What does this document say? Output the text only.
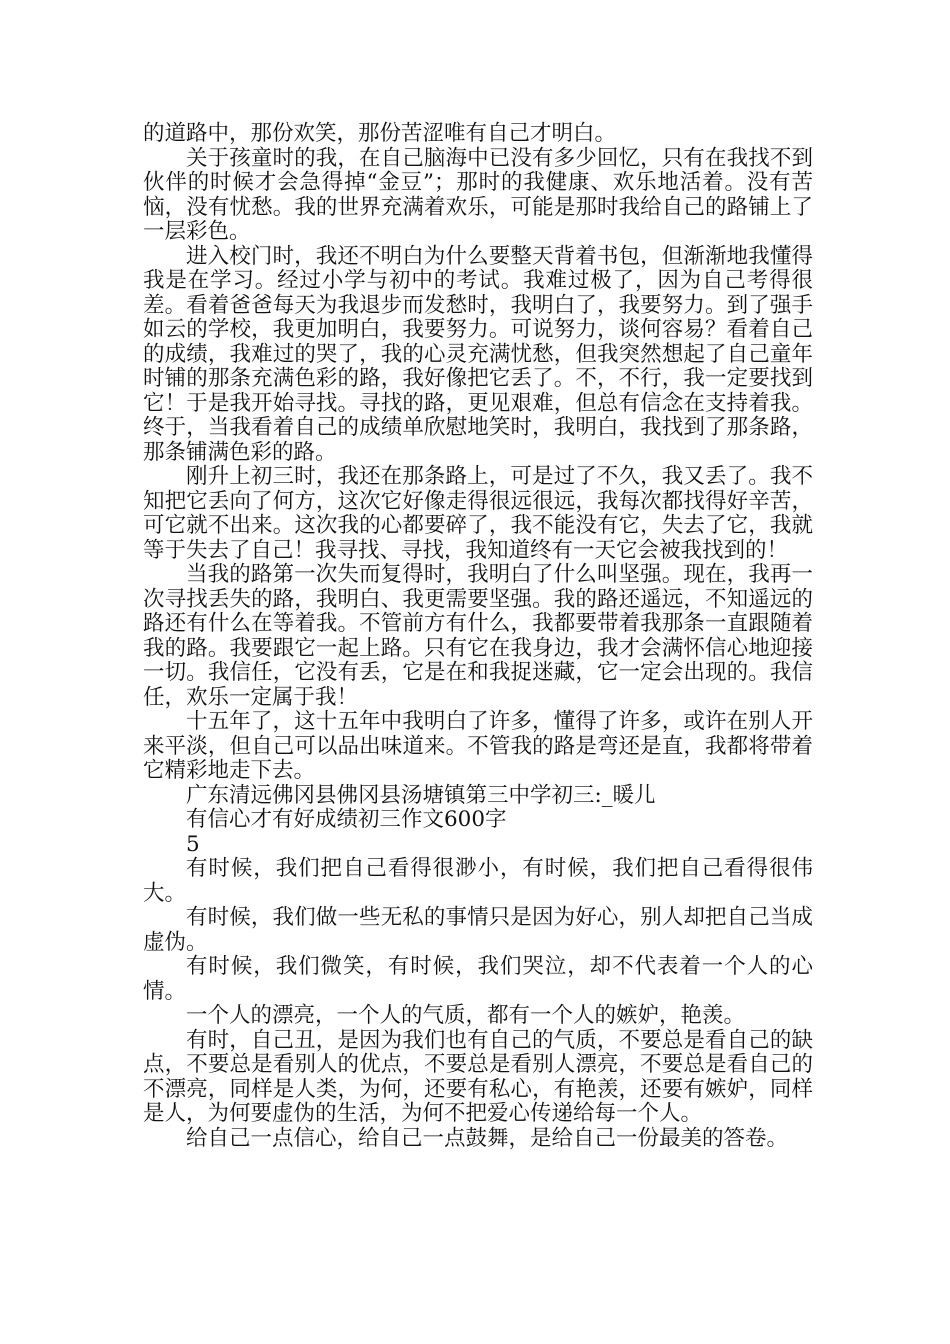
的道路中，那份欢笑，那份苦涩唯有自己才明白。

关于孩童时的我，在自己脑海中已没有多少回忆，只有在我找不到伙伴的时候才会急得掉“金豆”；那时的我健康、欢乐地活着。没有苦恼，没有忧愁。我的世界充满着欢乐，可能是那时我给自己的路铺上了一层彩色。

进入校门时，我还不明白为什么要整天背着书包，但渐渐地我懂得我是在学习。经过小学与初中的考试。我难过极了，因为自己考得很差。看着爸爸每天为我退步而发愁时，我明白了，我要努力。到了强手如云的学校，我更加明白，我要努力。可说努力，谈何容易？看着自己的成绩，我难过的哭了，我的心灵充满忧愁，但我突然想起了自己童年时铺的那条充满色彩的路，我好像把它丢了。不，不行，我一定要找到它！于是我开始寻找。寻找的路，更见艰难，但总有信念在支持着我。终于，当我看着自己的成绩单欣慰地笑时，我明白，我找到了那条路，那条铺满色彩的路。

刚升上初三时，我还在那条路上，可是过了不久，我又丢了。我不知把它丢向了何方，这次它好像走得很远很远，我每次都找得好辛苦，可它就不出来。这次我的心都要碎了，我不能没有它，失去了它，我就等于失去了自己！我寻找、寻找，我知道终有一天它会被我找到的！

当我的路第一次失而复得时，我明白了什么叫坚强。现在，我再一次寻找丢失的路，我明白、我更需要坚强。我的路还遥远，不知遥远的路还有什么在等着我。不管前方有什么，我都要带着我那条一直跟随着我的路。我要跟它一起上路。只有它在我身边，我才会满怀信心地迎接一切。我信任，它没有丢，它是在和我捉迷藏，它一定会出现的。我信任，欢乐一定属于我！

十五年了，这十五年中我明白了许多，懂得了许多，或许在别人开来平淡，但自己可以品出味道来。不管我的路是弯还是直，我都将带着它精彩地走下去。

广东清远佛冈县佛冈县汤塘镇第三中学初三:_暖儿

有信心才有好成绩初三作文600字

5

有时候，我们把自己看得很渺小，有时候，我们把自己看得很伟大。

有时候，我们做一些无私的事情只是因为好心，别人却把自己当成虚伪。

有时候，我们微笑，有时候，我们哭泣，却不代表着一个人的心情。

一个人的漂亮，一个人的气质，都有一个人的嫉妒，艳羡。

有时，自己丑，是因为我们也有自己的气质，不要总是看自己的缺点，不要总是看别人的优点，不要总是看别人漂亮，不要总是看自己的不漂亮，同样是人类，为何，还要有私心，有艳羡，还要有嫉妒，同样是人，为何要虚伪的生活，为何不把爱心传递给每一个人。

给自己一点信心，给自己一点鼓舞，是给自己一份最美的答卷。
